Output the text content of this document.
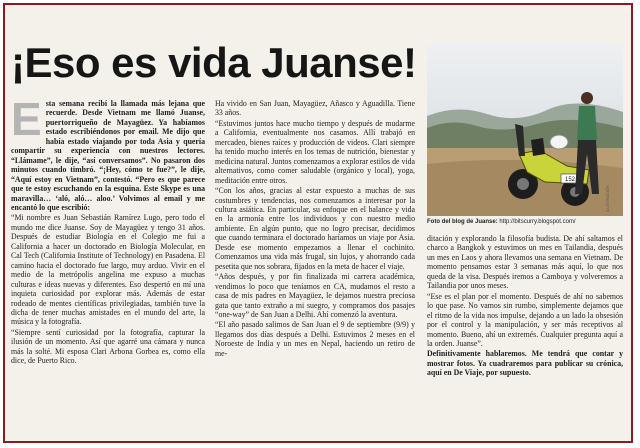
¡Eso es vida Juanse!

Esta semana recibí la llamada más lejana que recuerde. Desde Vietnam me llamó Juanse, puertorriqueño de Mayagüez. Ya habíamos estado escribiéndonos por email. Me dijo que había estado viajando por toda Asia y quería compartir su experiencia con nuestros lectores. “Llámame”, le dije, “así conversamos”. No pasaron dos minutos cuando timbró. “¡Hey, cómo te fue?”, le dije, “Aquí estoy en Vietnam”, contestó. “Pero es que parece que te estoy escuchando en la esquina. Este Skype es una maravilla… ‘aló, aló… aloo.’ Volvimos al email y me encantó lo que escribió:

“Mi nombre es Juan Sebastián Ramírez Lugo, pero todo el mundo me dice Juanse. Soy de Mayagüez y tengo 31 años. Después de estudiar Biología en el Colegio me fui a California a hacer un doctorado en Biología Molecular, en Cal Tech (California Institute of Technology) en Pasadena. El camino hacia el doctorado fue largo, muy arduo. Vivir en el medio de la metrópolis angelina me expuso a muchas culturas e ideas nuevas y diferentes. Eso despertó en mí una inquieta curiosidad por explorar más. Además de estar rodeado de mentes científicas privilegiadas, también tuve la dicha de tener muchas amistades en el mundo del arte, la música y la fotografía.

“Siempre sentí curiosidad por la fotografía, capturar la ilusión de un momento. Así que agarré una cámara y nunca más la solté. Mi esposa Clari Arbona Gorbea es, como ella dice, de Puerto Rico.

Ha vivido en San Juan, Mayagüez, Añasco y Aguadilla. Tiene 33 años.

“Estuvimos juntos hace mucho tiempo y después de mudarme a California, eventualmente nos casamos. Allí trabajó en mercadeo, bienes raíces y producción de videos. Clari siempre ha tenido mucho interés en los temas de nutrición, bienestar y medicina natural. Juntos comenzamos a explorar estilos de vida alternativos, como comer saludable (orgánico y local), yoga, meditación entre otros.

“Con los años, gracias al estar expuesto a muchas de sus costumbres y tendencias, nos comenzamos a interesar por la cultura asiática. En particular, su enfoque en el balance y vida en la armonía entre los individuos y con nuestro medio ambiente. En algún punto, que no logro precisar, decidimos que cuando terminara el doctorado haríamos un viaje por Asia. Desde ese momento empezamos a llenar el cochinito. Comenzamos una vida más frugal, sin lujos, y ahorrando cada pesetita que nos sobrara, fijados en la meta de hacer el viaje.

“Años después, y por fin finalizada mi carrera académica, vendimos lo poco que teníamos en CA, mudamos el resto a casa de mis padres en Mayagüez, le dejamos nuestra preciosa gata que tanto extraño a mi suegro, y compramos dos pasajes “one-way” de San Juan a Delhi. Ahí comenzó la aventura.

“El año pasado salimos de San Juan el 9 de septiembre (9/9) y llegamos dos días después a Delhi. Estuvimos 2 meses en el Noroeste de India y un mes en Nepal, haciendo un retiro de me-

152
ILUSTRACIÓN
Foto del blog de Juanse: http://bitscurry.blogspot.com/

ditación y explorando la filosofía budista. De ahí saltamos el charco a Bangkok y estuvimos un mes en Tailandia, después un mes en Laos y ahora llevamos una semana en Vietnam. De momento pensamos estar 3 semanas más aquí, lo que nos queda de la visa. Después iremos a Camboya y volveremos a Tailandia por unos meses.

“Ese es el plan por el momento. Después de ahí no sabemos lo que pase. No vamos sin rumbo, simplemente dejamos que el ritmo de la vida nos impulse, dejando a un lado la obsesión por el control y la manipulación, y ser más receptivos al momento. Bueno, ahí un extremés. Cualquier pregunta aquí a la orden. Juanse”.

Definitivamente hablaremos. Me tendrá que contar y mostrar fotos. Ya cuadraremos para publicar su crónica, aquí en De Viaje, por supuesto.
